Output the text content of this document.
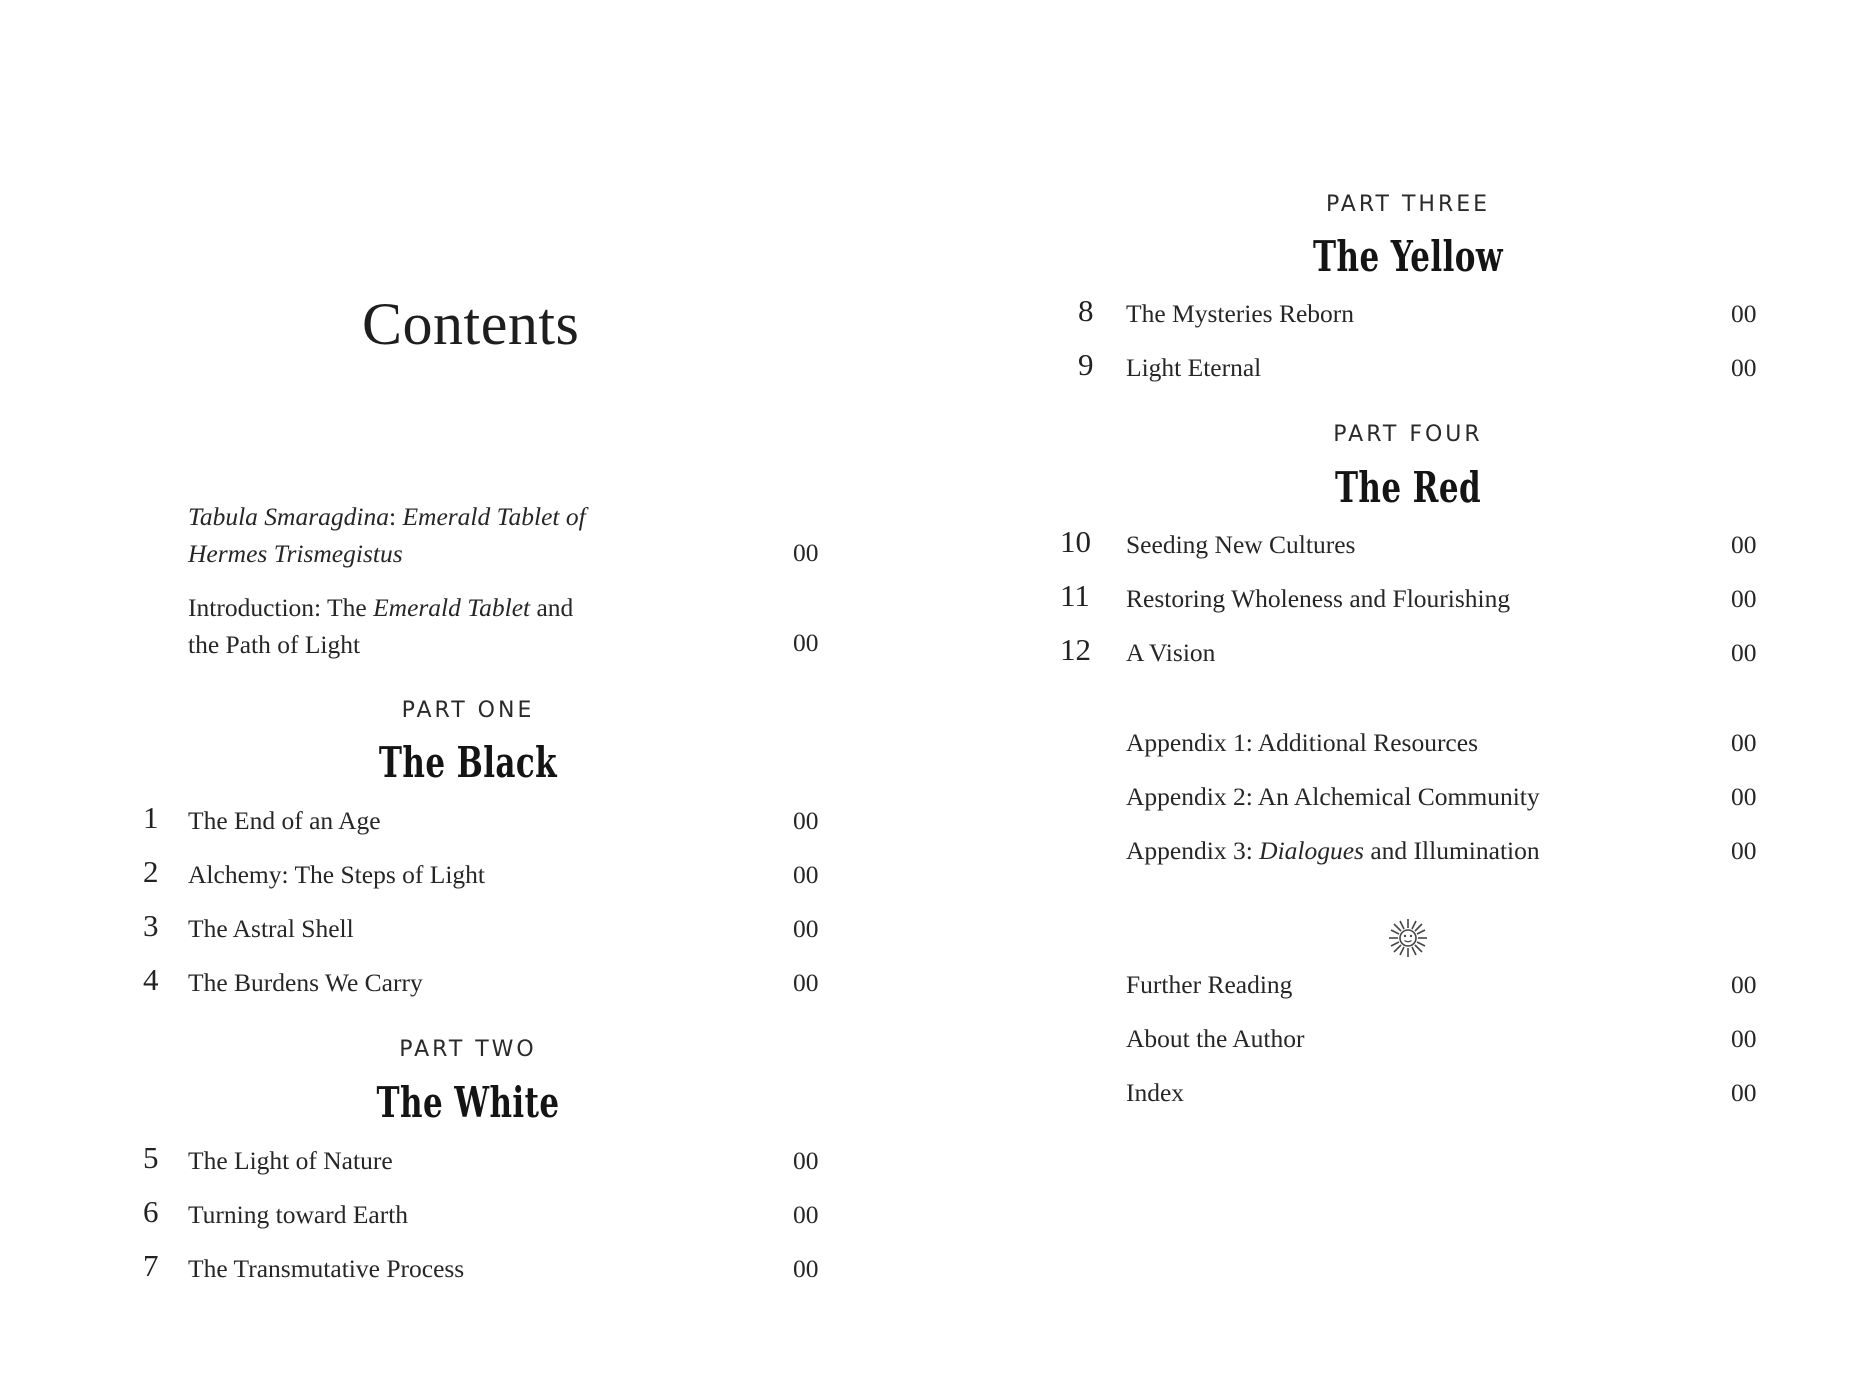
Contents
Tabula Smaragdina: Emerald Tablet of
Hermes Trismegistus	00
Introduction: The Emerald Tablet and
the Path of Light	00
PART ONE
The Black
1 The End of an Age	00
2 Alchemy: The Steps of Light	00
3 The Astral Shell	00
4 The Burdens We Carry	00
PART TWO
The White
5 The Light of Nature	00
6 Turning toward Earth	00
7 The Transmutative Process	00
PART THREE
The Yellow
8 The Mysteries Reborn	00
9 Light Eternal	00
PART FOUR
The Red
10 Seeding New Cultures	00
11 Restoring Wholeness and Flourishing	00
12 A Vision	00
Appendix 1: Additional Resources	00
Appendix 2: An Alchemical Community	00
Appendix 3: Dialogues and Illumination	00
Further Reading	00
About the Author	00
Index	00
